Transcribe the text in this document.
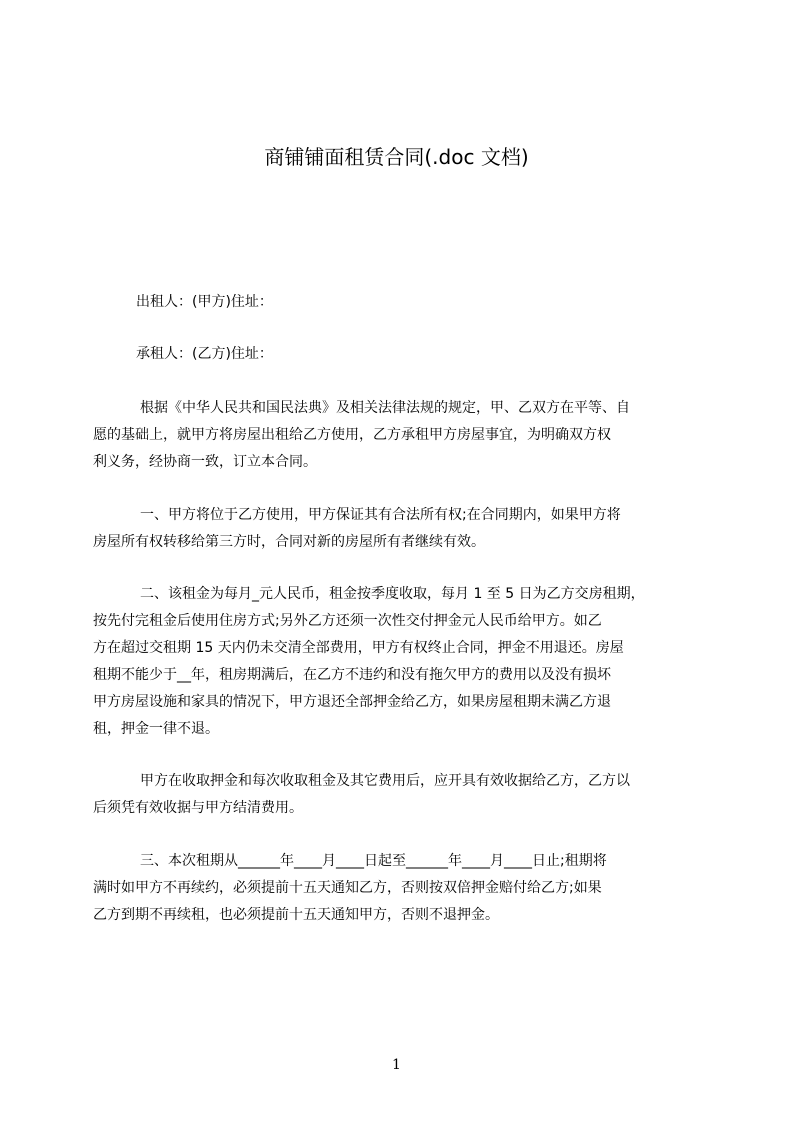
商铺铺面租赁合同(.doc 文档)
出租人：(甲方)住址：
承租人：(乙方)住址：
根据《中华人民共和国民法典》及相关法律法规的规定，甲、乙双方在平等、自
愿的基础上，就甲方将房屋出租给乙方使用，乙方承租甲方房屋事宜，为明确双方权
利义务，经协商一致，订立本合同。
一、甲方将位于乙方使用，甲方保证其有合法所有权;在合同期内，如果甲方将
房屋所有权转移给第三方时，合同对新的房屋所有者继续有效。
二、该租金为每月_元人民币，租金按季度收取，每月 1 至 5 日为乙方交房租期，
按先付完租金后使用住房方式;另外乙方还须一次性交付押金元人民币给甲方。如乙
方在超过交租期 15 天内仍未交清全部费用，甲方有权终止合同，押金不用退还。房屋
租期不能少于__年，租房期满后，在乙方不违约和没有拖欠甲方的费用以及没有损坏
甲方房屋设施和家具的情况下，甲方退还全部押金给乙方，如果房屋租期未满乙方退
租，押金一律不退。
甲方在收取押金和每次收取租金及其它费用后，应开具有效收据给乙方，乙方以
后须凭有效收据与甲方结清费用。
三、本次租期从______年____月____日起至______年____月____日止;租期将
满时如甲方不再续约，必须提前十五天通知乙方，否则按双倍押金赔付给乙方;如果
乙方到期不再续租，也必须提前十五天通知甲方，否则不退押金。
1
